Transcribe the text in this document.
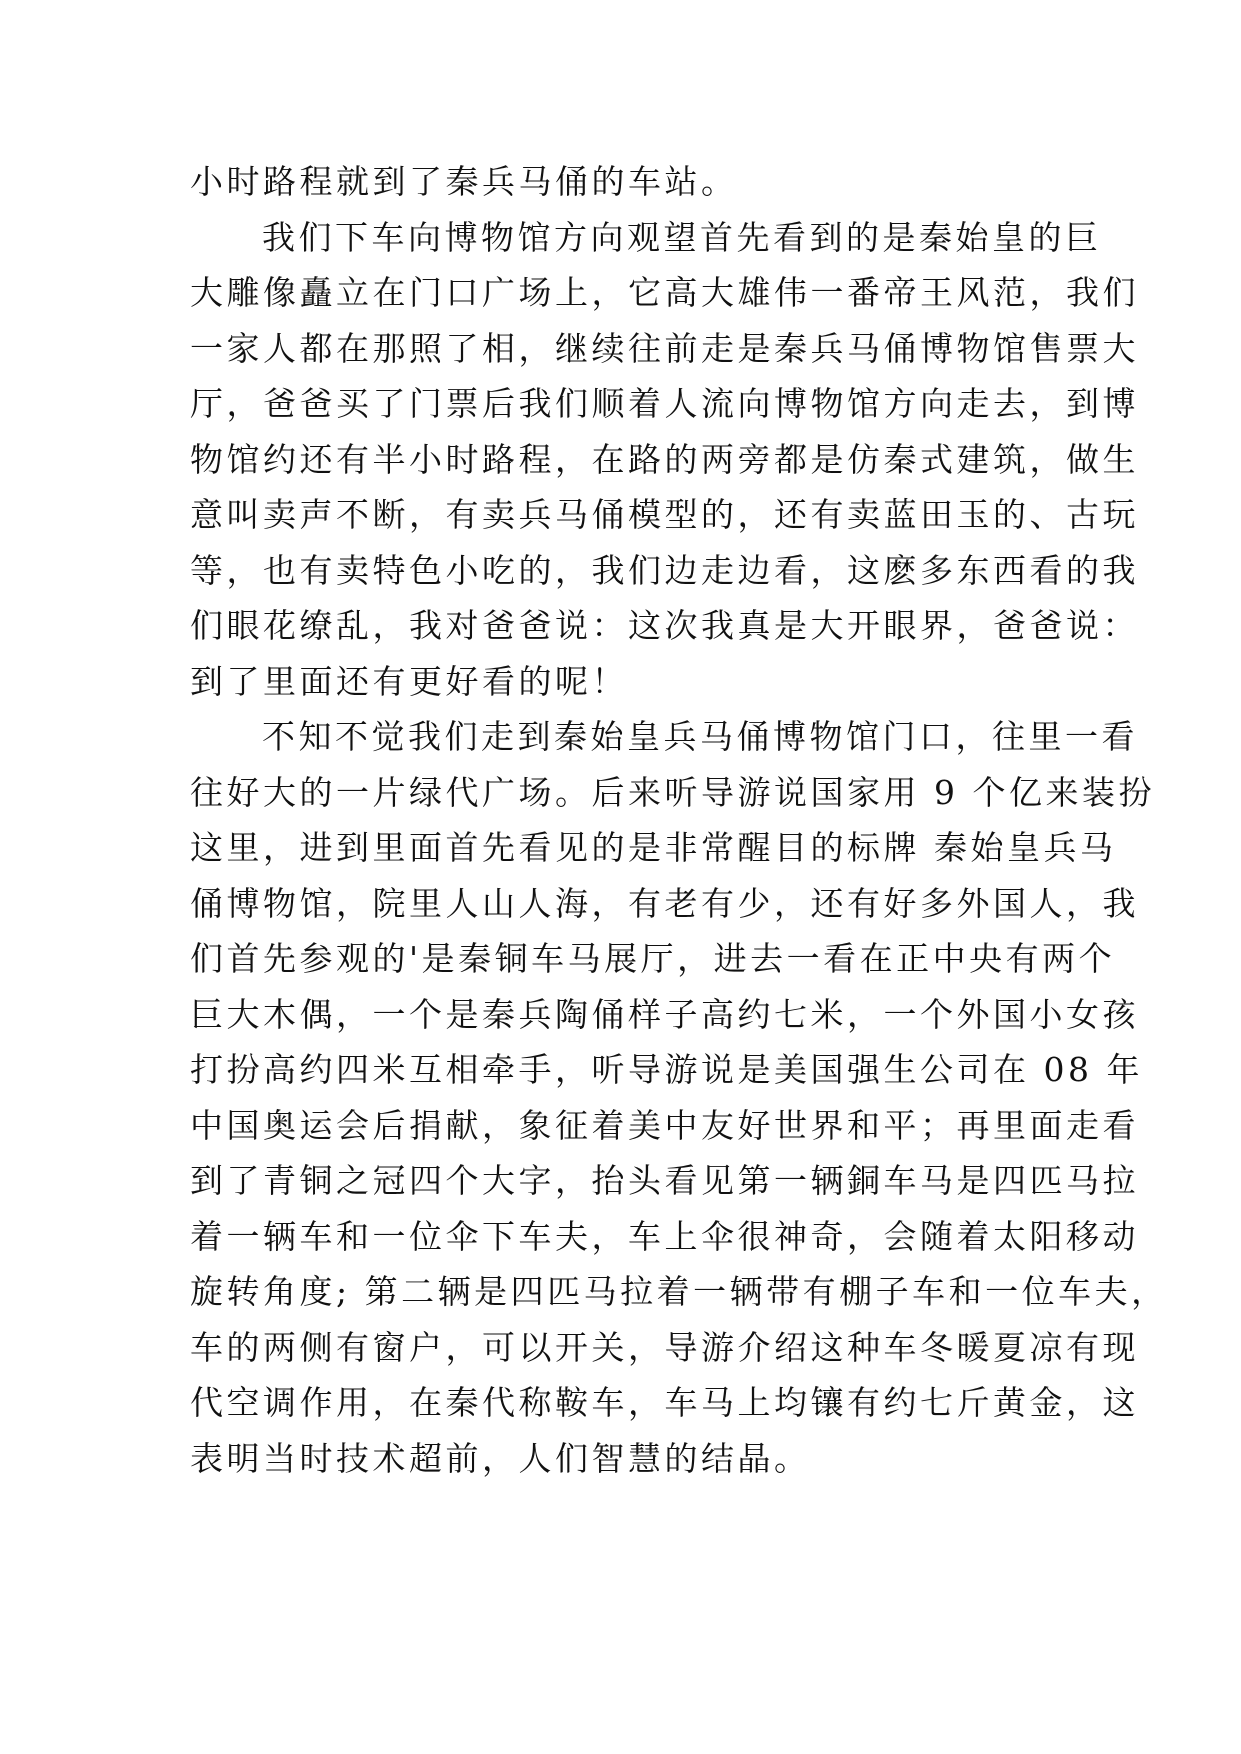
小时路程就到了秦兵马俑的车站。
我们下车向博物馆方向观望首先看到的是秦始皇的巨
大雕像矗立在门口广场上，它高大雄伟一番帝王风范，我们
一家人都在那照了相，继续往前走是秦兵马俑博物馆售票大
厅，爸爸买了门票后我们顺着人流向博物馆方向走去，到博
物馆约还有半小时路程，在路的两旁都是仿秦式建筑，做生
意叫卖声不断，有卖兵马俑模型的，还有卖蓝田玉的、古玩
等，也有卖特色小吃的，我们边走边看，这麽多东西看的我
们眼花缭乱，我对爸爸说：这次我真是大开眼界，爸爸说：
到了里面还有更好看的呢！
不知不觉我们走到秦始皇兵马俑博物馆门口，往里一看
往好大的一片绿代广场。后来听导游说国家用 9 个亿来装扮
这里，进到里面首先看见的是非常醒目的标牌 秦始皇兵马
俑博物馆，院里人山人海，有老有少，还有好多外国人，我
们首先参观的'是秦铜车马展厅，进去一看在正中央有两个
巨大木偶，一个是秦兵陶俑样子高约七米，一个外国小女孩
打扮高约四米互相牵手，听导游说是美国强生公司在 08 年
中国奥运会后捐献，象征着美中友好世界和平；再里面走看
到了青铜之冠四个大字，抬头看见第一辆銅车马是四匹马拉
着一辆车和一位伞下车夫，车上伞很神奇，会随着太阳移动
旋转角度; 第二辆是四匹马拉着一辆带有棚子车和一位车夫，
车的两侧有窗户，可以开关，导游介绍这种车冬暖夏凉有现
代空调作用，在秦代称鞍车，车马上均镶有约七斤黄金，这
表明当时技术超前，人们智慧的结晶。
